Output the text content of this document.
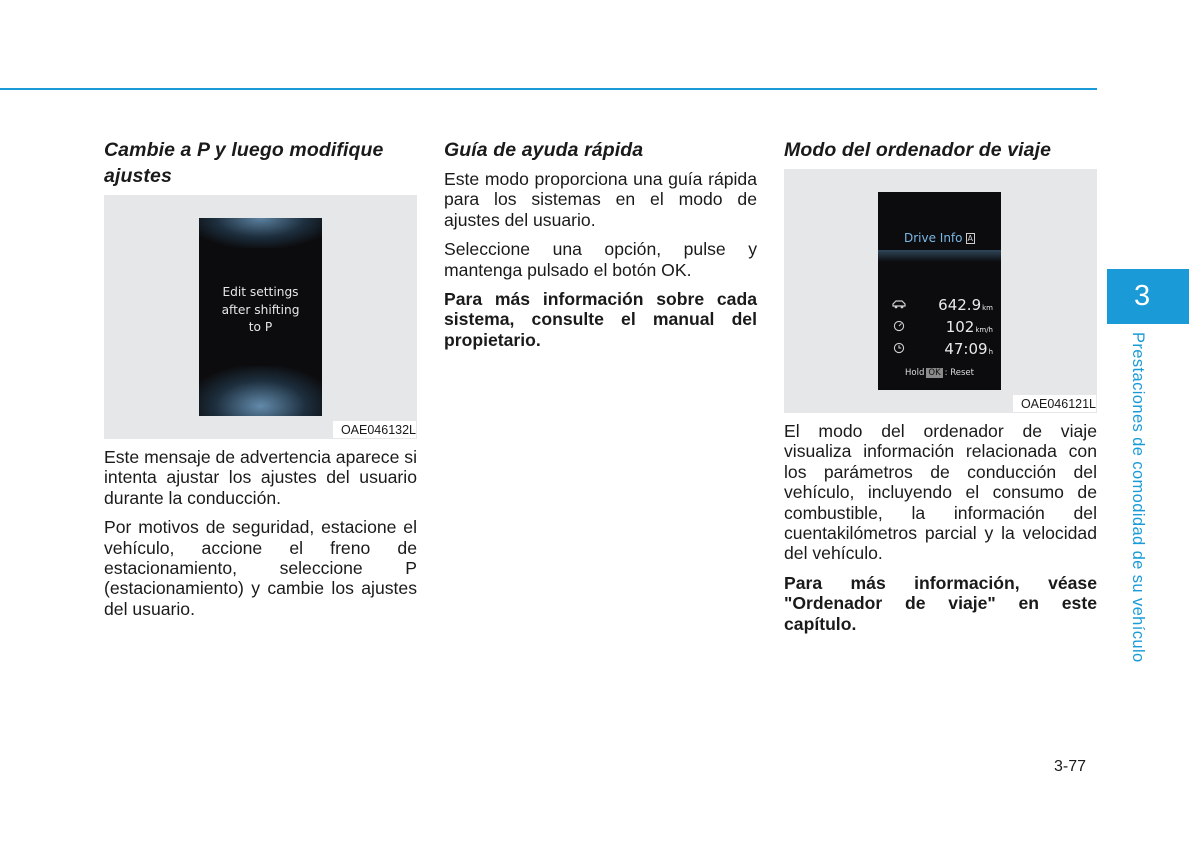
Cambie a P y luego modifique ajustes
Edit settings
after shifting
to P
OAE046132L

Este mensaje de advertencia aparece si intenta ajustar los ajustes del usuario durante la conducción.

Por motivos de seguridad, estacione el vehículo, accione el freno de estacionamiento, seleccione P (estacionamiento) y cambie los ajustes del usuario.

Guía de ayuda rápida

Este modo proporciona una guía rápida para los sistemas en el modo de ajustes del usuario.

Seleccione una opción, pulse y mantenga pulsado el botón OK.

Para más información sobre cada sistema, consulte el manual del propietario.

Modo del ordenador de viaje
Drive Info A
642.9km
102km/h
47:09h
Hold OK : Reset
OAE046121L

El modo del ordenador de viaje visualiza información relacionada con los parámetros de conducción del vehículo, incluyendo el consumo de combustible, la información del cuentakilómetros parcial y la velocidad del vehículo.

Para más información, véase "Ordenador de viaje" en este capítulo.

3
Prestaciones de comodidad de su vehículo
3-77
